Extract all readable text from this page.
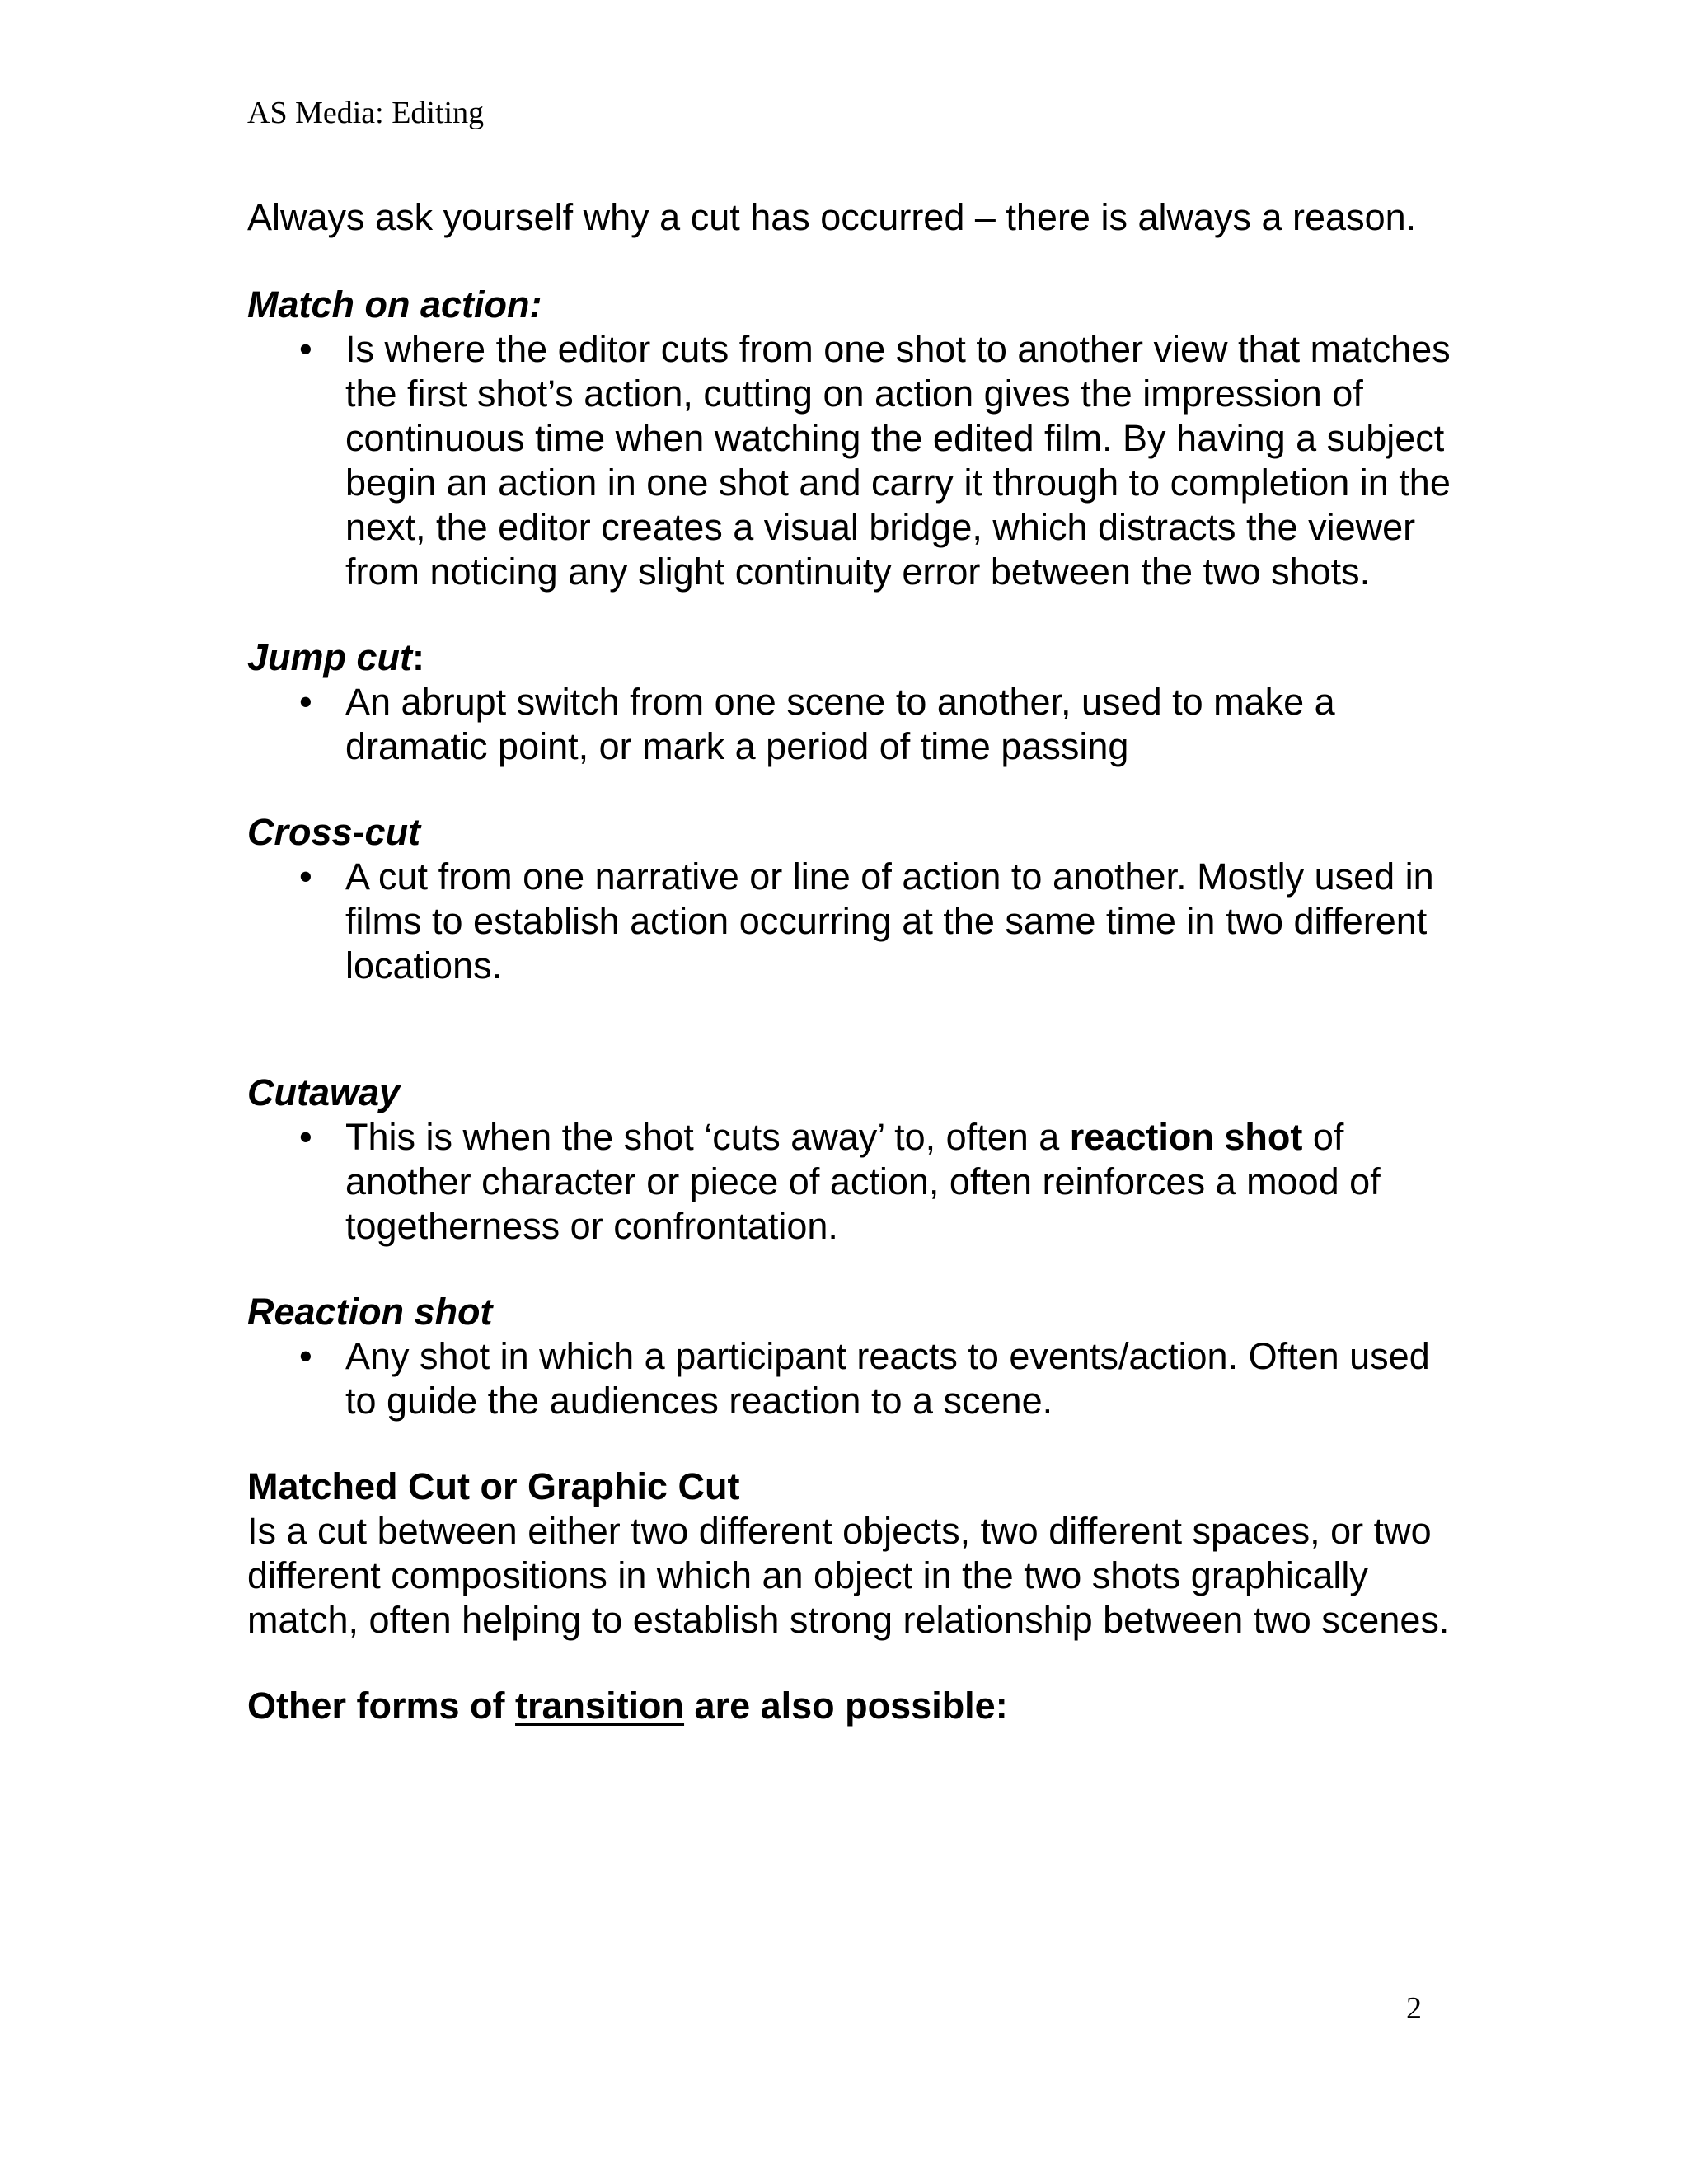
AS Media: Editing

Always ask yourself why a cut has occurred – there is always a reason.

Match on action:

• Is where the editor cuts from one shot to another view that matches the first shot’s action, cutting on action gives the impression of continuous time when watching the edited film. By having a subject begin an action in one shot and carry it through to completion in the next, the editor creates a visual bridge, which distracts the viewer from noticing any slight continuity error between the two shots.

Jump cut:

• An abrupt switch from one scene to another, used to make a dramatic point, or mark a period of time passing

Cross-cut

• A cut from one narrative or line of action to another. Mostly used in films to establish action occurring at the same time in two different locations.

Cutaway

• This is when the shot ‘cuts away’ to, often a reaction shot of another character or piece of action, often reinforces a mood of togetherness or confrontation.

Reaction shot

• Any shot in which a participant reacts to events/action. Often used to guide the audiences reaction to a scene.

Matched Cut or Graphic Cut

Is a cut between either two different objects, two different spaces, or two different compositions in which an object in the two shots graphically match, often helping to establish strong relationship between two scenes.

Other forms of transition are also possible:

2
